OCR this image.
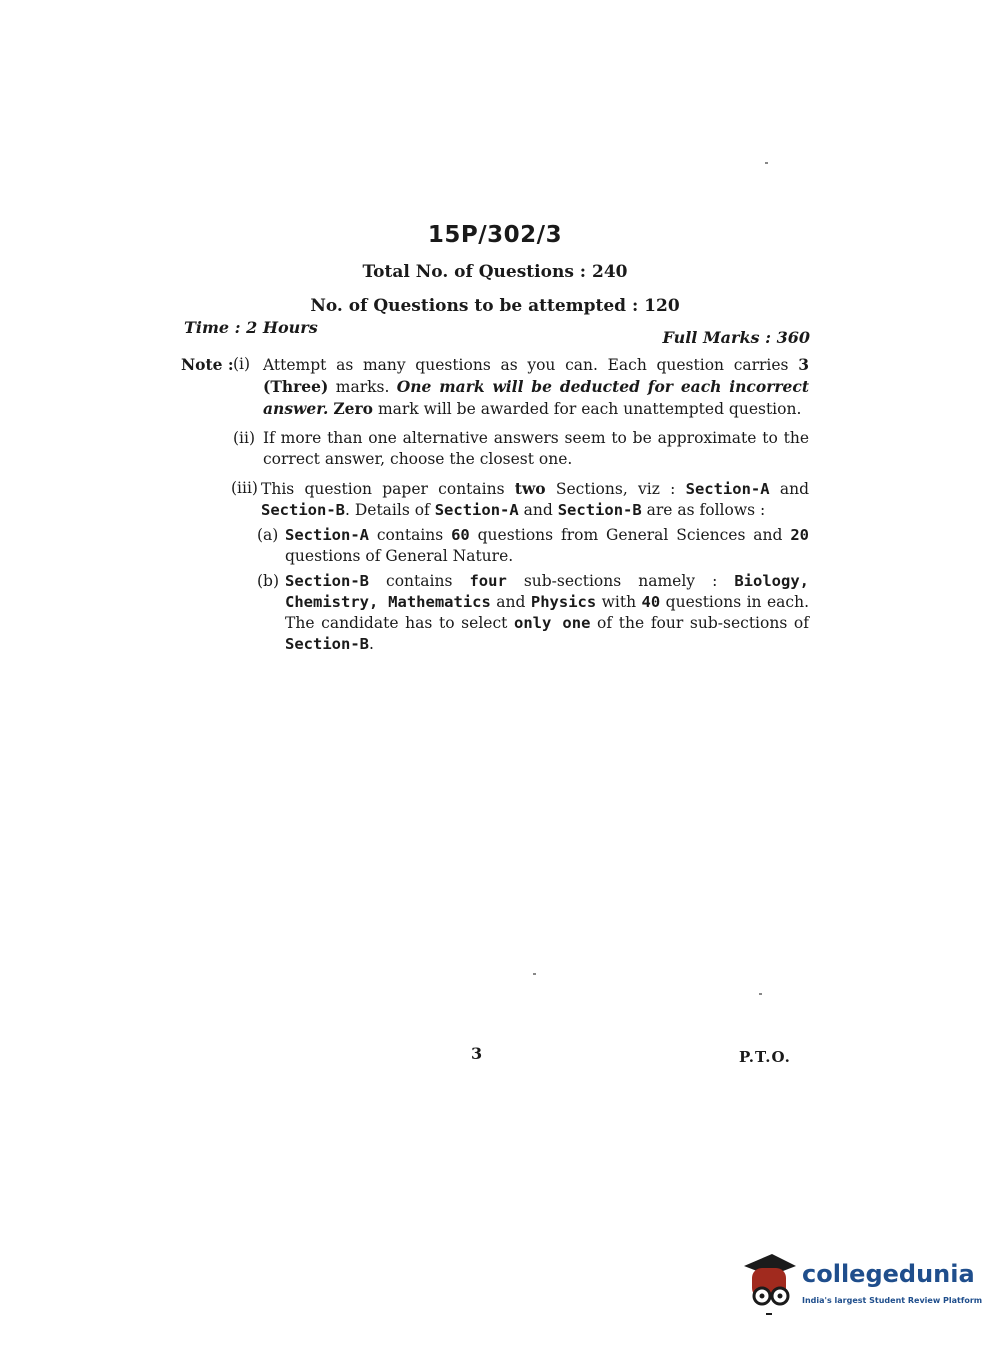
15P/302/3
Total No. of Questions : 240
No. of Questions to be attempted : 120
Time : 2 Hours
Full Marks : 360
Note : (i) Attempt as many questions as you can. Each question carries 3 (Three) marks. One mark will be deducted for each incorrect answer. Zero mark will be awarded for each unattempted question.
(ii) If more than one alternative answers seem to be approximate to the correct answer, choose the closest one.
(iii) This question paper contains two Sections, viz : Section-A and Section-B. Details of Section-A and Section-B are as follows :
(a) Section-A contains 60 questions from General Sciences and 20 questions of General Nature.
(b) Section-B contains four sub-sections namely : Biology, Chemistry, Mathematics and Physics with 40 questions in each. The candidate has to select only one of the four sub-sections of Section-B.
3	P.T.O.
collegedunia
India's largest Student Review Platform
